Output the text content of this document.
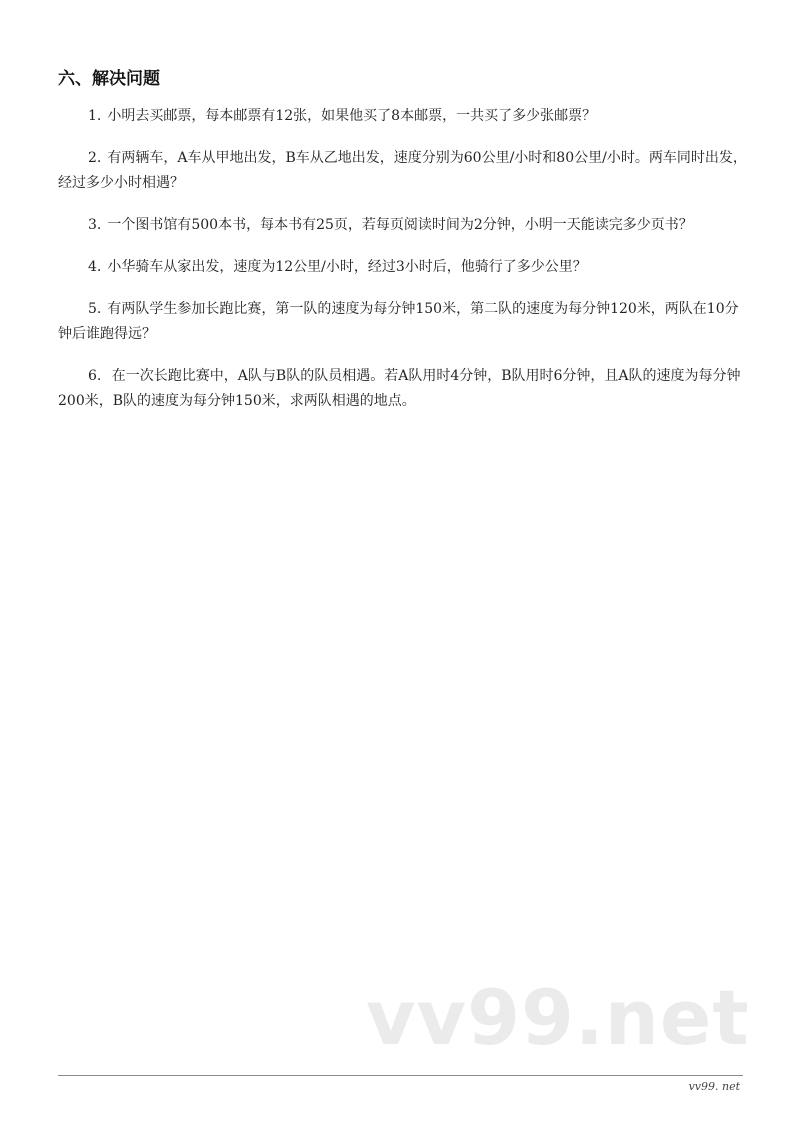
六、解决问题
1. 小明去买邮票，每本邮票有12张，如果他买了8本邮票，一共买了多少张邮票？
2. 有两辆车，A车从甲地出发，B车从乙地出发，速度分别为60公里/小时和80公里/小时。两车同时出发，经过多少小时相遇？
3. 一个图书馆有500本书，每本书有25页，若每页阅读时间为2分钟，小明一天能读完多少页书？
4. 小华骑车从家出发，速度为12公里/小时，经过3小时后，他骑行了多少公里？
5. 有两队学生参加长跑比赛，第一队的速度为每分钟150米，第二队的速度为每分钟120米，两队在10分钟后谁跑得远？
6. 在一次长跑比赛中，A队与B队的队员相遇。若A队用时4分钟，B队用时6分钟，且A队的速度为每分钟200米，B队的速度为每分钟150米，求两队相遇的地点。
vv99.net
vv99. net
